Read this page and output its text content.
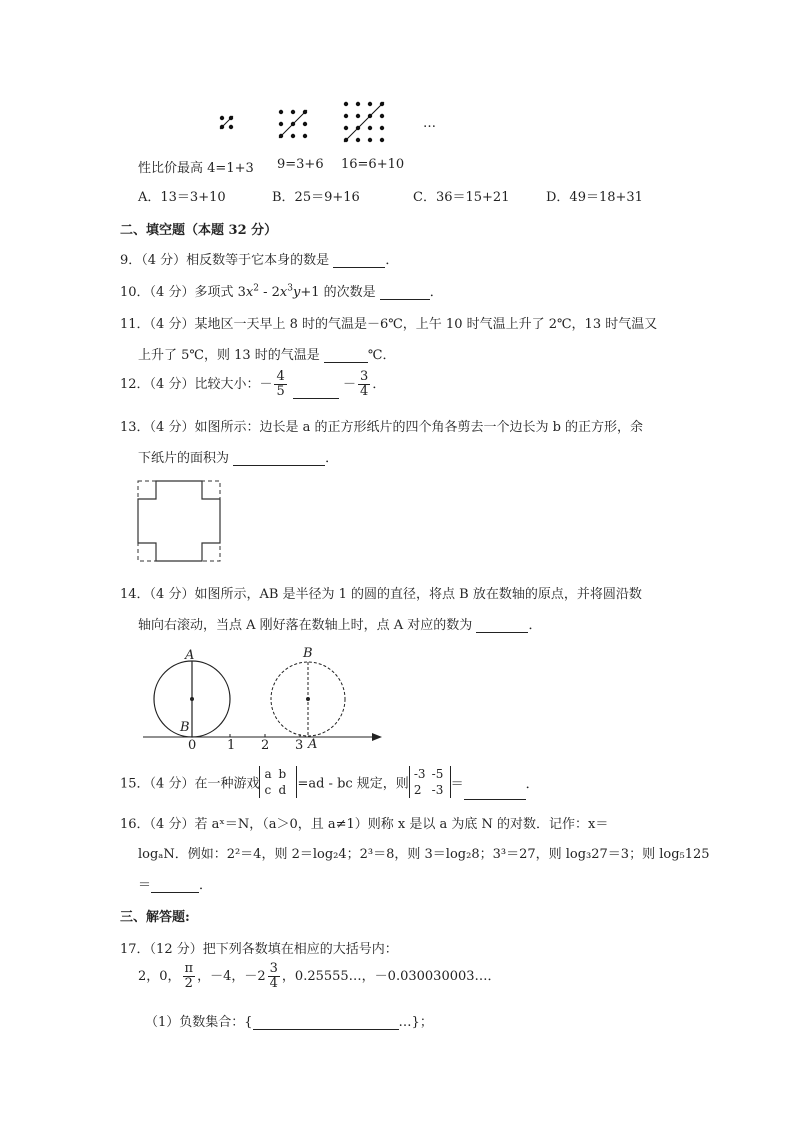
性比价最高 4=1+3 9=3+6 16=6+10
…
A．13＝3+10	B．25＝9+16	C．36＝15+21	D．49＝18+31
二、填空题（本题 32 分）
9．（4 分）相反数等于它本身的数是	．
10．（4 分）多项式 $3x^2 - 2x^3y+1$ 的次数是	．
11．（4 分）某地区一天早上 8 时的气温是－6℃，上午 10 时气温上升了 2℃，13 时气温又
上升了 5℃，则 13 时的气温是	℃．
12．（4 分）比较大小：－ $\frac{4}{5}$	－ $\frac{3}{4}$ ．
13．（4 分）如图所示：边长是 a 的正方形纸片的四个角各剪去一个边长为 b 的正方形，余
下纸片的面积为	．
14．（4 分）如图所示，AB 是半径为 1 的圆的直径，将点 B 放在数轴的原点，并将圆沿数
轴向右滚动，当点 A 刚好落在数轴上时，点 A 对应的数为	．
A
B
B
A
0 1 2 3
15．（4 分）在一种游戏a b
c d =ad - bc 规定，则-3 -5
2 -3 ＝	．
16．（4 分）若 aˣ＝N，（a＞0，且 a≠1）则称 x 是以 a 为底 N 的对数．记作：x＝
logₐN．例如：2²＝4，则 2＝log₂4；2³＝8，则 3＝log₂8；3³＝27，则 log₃27＝3；则 log₅125
＝	．
三、解答题:
17．（12 分）把下列各数填在相应的大括号内：
2，0， $\frac{\pi}{2}$ ，－4，$-2 \frac{3}{4}$ ，0.25555…，－0.030030003…．
（1）负数集合：{	…}；
